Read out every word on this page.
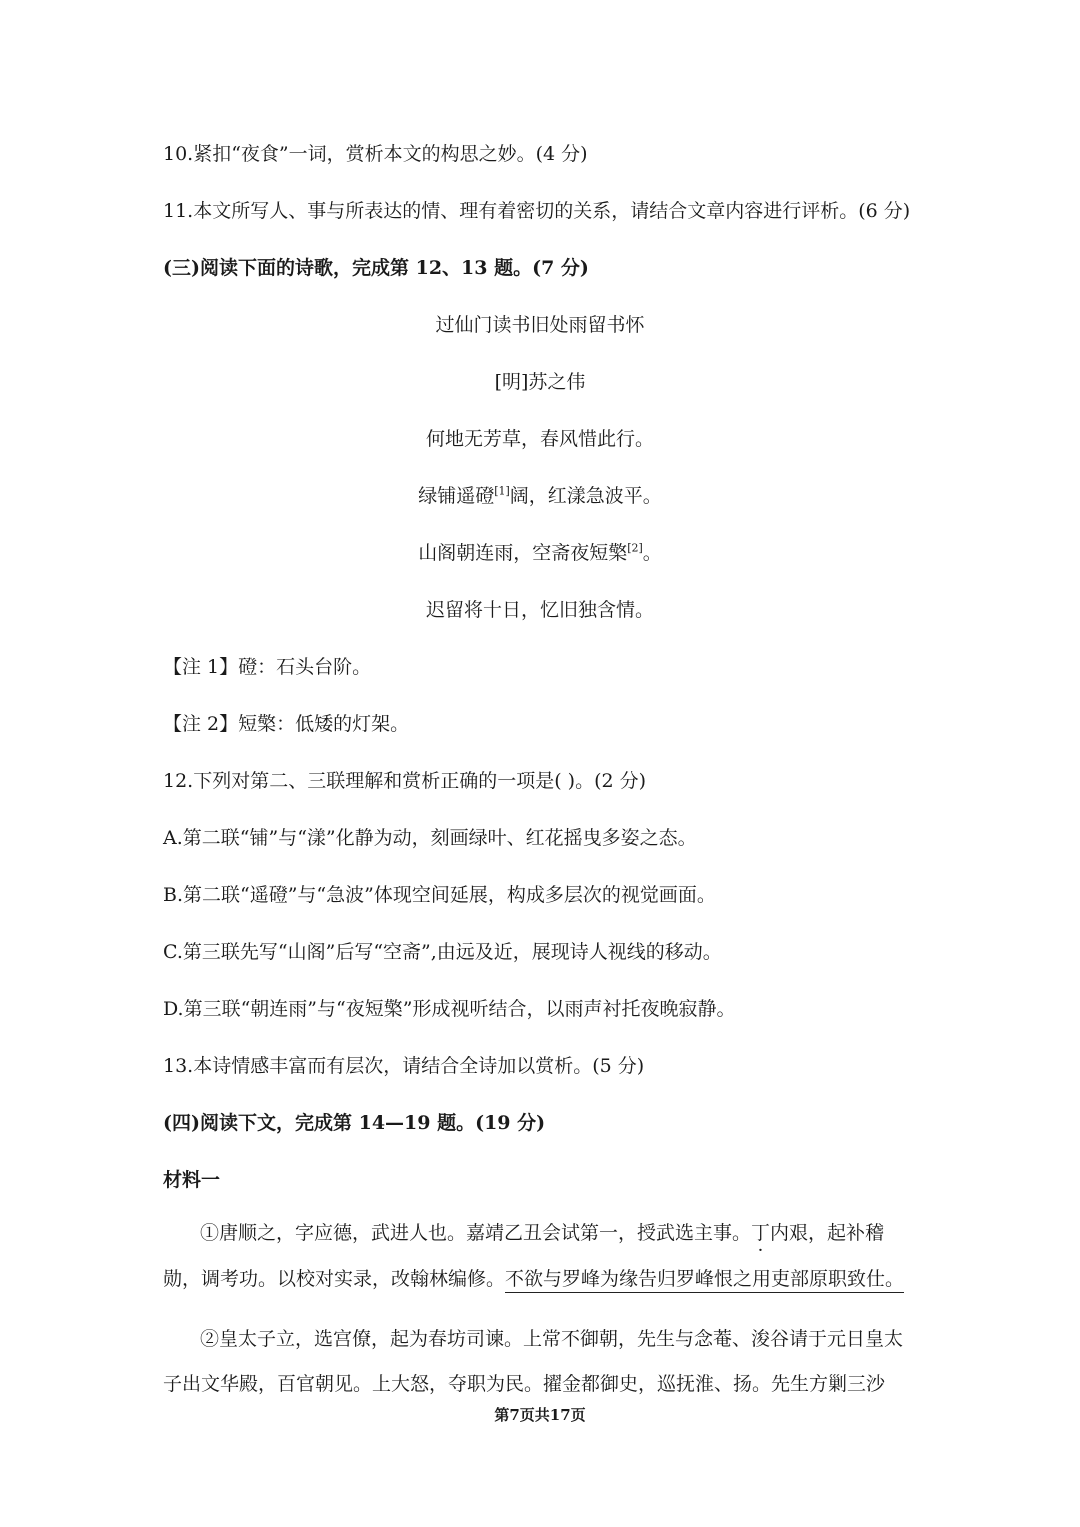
10.紧扣“夜食”一词，赏析本文的构思之妙。(4 分)
11.本文所写人、事与所表达的情、理有着密切的关系，请结合文章内容进行评析。(6 分)
(三)阅读下面的诗歌，完成第 12、13 题。(7 分)
过仙门读书旧处雨留书怀
[明]苏之伟
何地无芳草，春风惜此行。
绿铺遥磴[1]阔，红漾急波平。
山阁朝连雨，空斋夜短檠[2]。
迟留将十日，忆旧独含情。
【注 1】磴：石头台阶。
【注 2】短檠：低矮的灯架。
12.下列对第二、三联理解和赏析正确的一项是( )。(2 分)
A.第二联“铺”与“漾”化静为动，刻画绿叶、红花摇曳多姿之态。
B.第二联“遥磴”与“急波”体现空间延展，构成多层次的视觉画面。
C.第三联先写“山阁”后写“空斋”,由远及近，展现诗人视线的移动。
D.第三联“朝连雨”与“夜短檠”形成视听结合，以雨声衬托夜晚寂静。
13.本诗情感丰富而有层次，请结合全诗加以赏析。(5 分)
(四)阅读下文，完成第 14—19 题。(19 分)
材料一
①唐顺之，字应德，武进人也。嘉靖乙丑会试第一，授武选主事。丁内艰，起补稽
勋，调考功。以校对实录，改翰林编修。不欲与罗峰为缘告归罗峰恨之用吏部原职致仕。
②皇太子立，选宫僚，起为春坊司谏。上常不御朝，先生与念菴、浚谷请于元日皇太
子出文华殿，百官朝见。上大怒，夺职为民。擢金都御史，巡抚淮、扬。先生方剿三沙
第7页共17页
